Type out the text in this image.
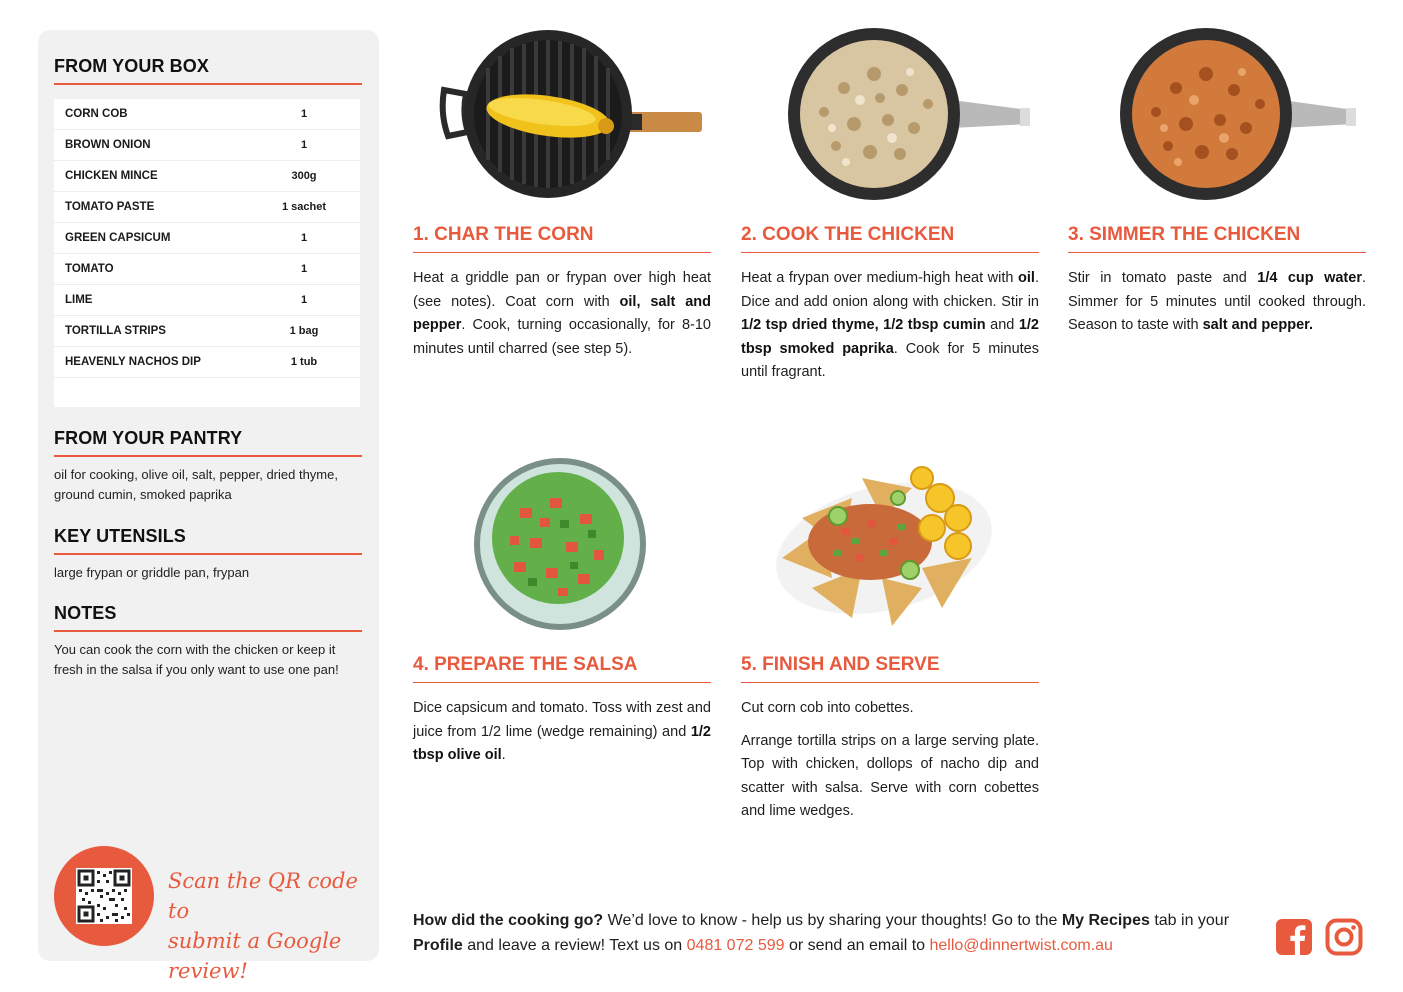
FROM YOUR BOX
CORN COB	1
BROWN ONION	1
CHICKEN MINCE	300g
TOMATO PASTE	1 sachet
GREEN CAPSICUM	1
TOMATO	1
LIME	1
TORTILLA STRIPS	1 bag
HEAVENLY NACHOS DIP	1 tub
FROM YOUR PANTRY
oil for cooking, olive oil, salt, pepper, dried thyme, ground cumin, smoked paprika
KEY UTENSILS
large frypan or griddle pan, frypan
NOTES
You can cook the corn with the chicken or keep it fresh in the salsa if you only want to use one pan!
Scan the QR code to
submit a Google review!
1. CHAR THE CORN

Heat a griddle pan or frypan over high heat (see notes). Coat corn with oil, salt and pepper. Cook, turning occasionally, for 8-10 minutes until charred (see step 5).

2. COOK THE CHICKEN

Heat a frypan over medium-high heat with oil. Dice and add onion along with chicken. Stir in 1/2 tsp dried thyme, 1/2 tbsp cumin and 1/2 tbsp smoked paprika. Cook for 5 minutes until fragrant.

3. SIMMER THE CHICKEN

Stir in tomato paste and 1/4 cup water. Simmer for 5 minutes until cooked through. Season to taste with salt and pepper.

4. PREPARE THE SALSA

Dice capsicum and tomato. Toss with zest and juice from 1/2 lime (wedge remaining) and 1/2 tbsp olive oil.

5. FINISH AND SERVE

Cut corn cob into cobettes.

Arrange tortilla strips on a large serving plate. Top with chicken, dollops of nacho dip and scatter with salsa. Serve with corn cobettes and lime wedges.

How did the cooking go? We’d love to know - help us by sharing your thoughts! Go to the My Recipes tab in your Profile and leave a review! Text us on 0481 072 599 or send an email to hello@dinnertwist.com.au
